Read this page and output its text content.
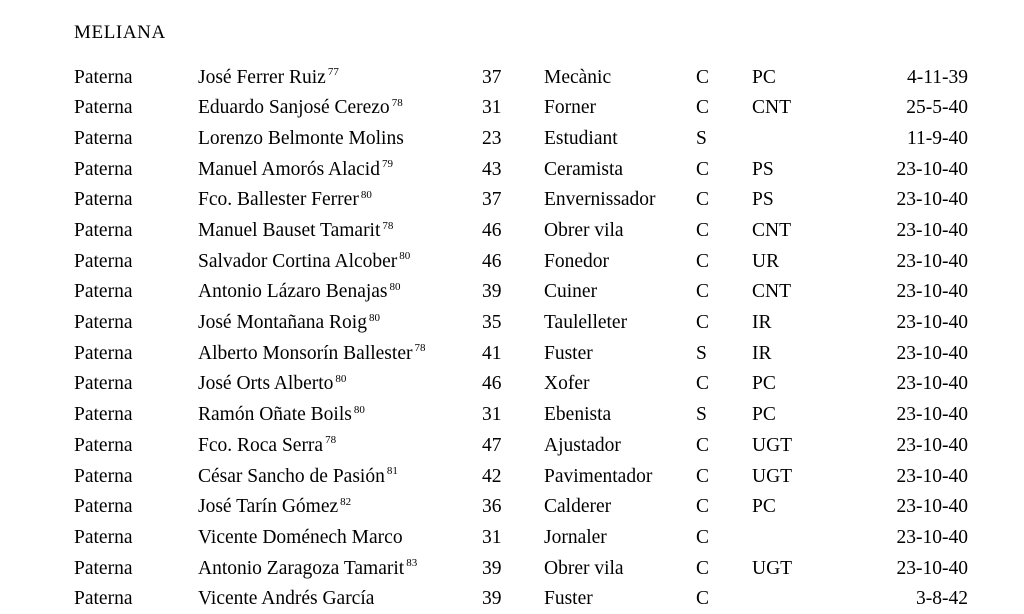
MELIANA
Paterna	José Ferrer Ruiz $^{77}$	37	Mecànic	C	PC	4-11-39
Paterna	Eduardo Sanjosé Cerezo $^{78}$	31	Forner	C	CNT	25-5-40
Paterna	Lorenzo Belmonte Molins	23	Estudiant	S		11-9-40
Paterna	Manuel Amorós Alacid $^{79}$	43	Ceramista	C	PS	23-10-40
Paterna	Fco. Ballester Ferrer $^{80}$	37	Envernissador	C	PS	23-10-40
Paterna	Manuel Bauset Tamarit $^{78}$	46	Obrer vila	C	CNT	23-10-40
Paterna	Salvador Cortina Alcober $^{80}$	46	Fonedor	C	UR	23-10-40
Paterna	Antonio Lázaro Benajas $^{80}$	39	Cuiner	C	CNT	23-10-40
Paterna	José Montañana Roig $^{80}$	35	Taulelleter	C	IR	23-10-40
Paterna	Alberto Monsorín Ballester $^{78}$	41	Fuster	S	IR	23-10-40
Paterna	José Orts Alberto $^{80}$	46	Xofer	C	PC	23-10-40
Paterna	Ramón Oñate Boils $^{80}$	31	Ebenista	S	PC	23-10-40
Paterna	Fco. Roca Serra $^{78}$	47	Ajustador	C	UGT	23-10-40
Paterna	César Sancho de Pasión $^{81}$	42	Pavimentador	C	UGT	23-10-40
Paterna	José Tarín Gómez $^{82}$	36	Calderer	C	PC	23-10-40
Paterna	Vicente Doménech Marco	31	Jornaler	C		23-10-40
Paterna	Antonio Zaragoza Tamarit $^{83}$	39	Obrer vila	C	UGT	23-10-40
Paterna	Vicente Andrés García	39	Fuster	C		3-8-42
